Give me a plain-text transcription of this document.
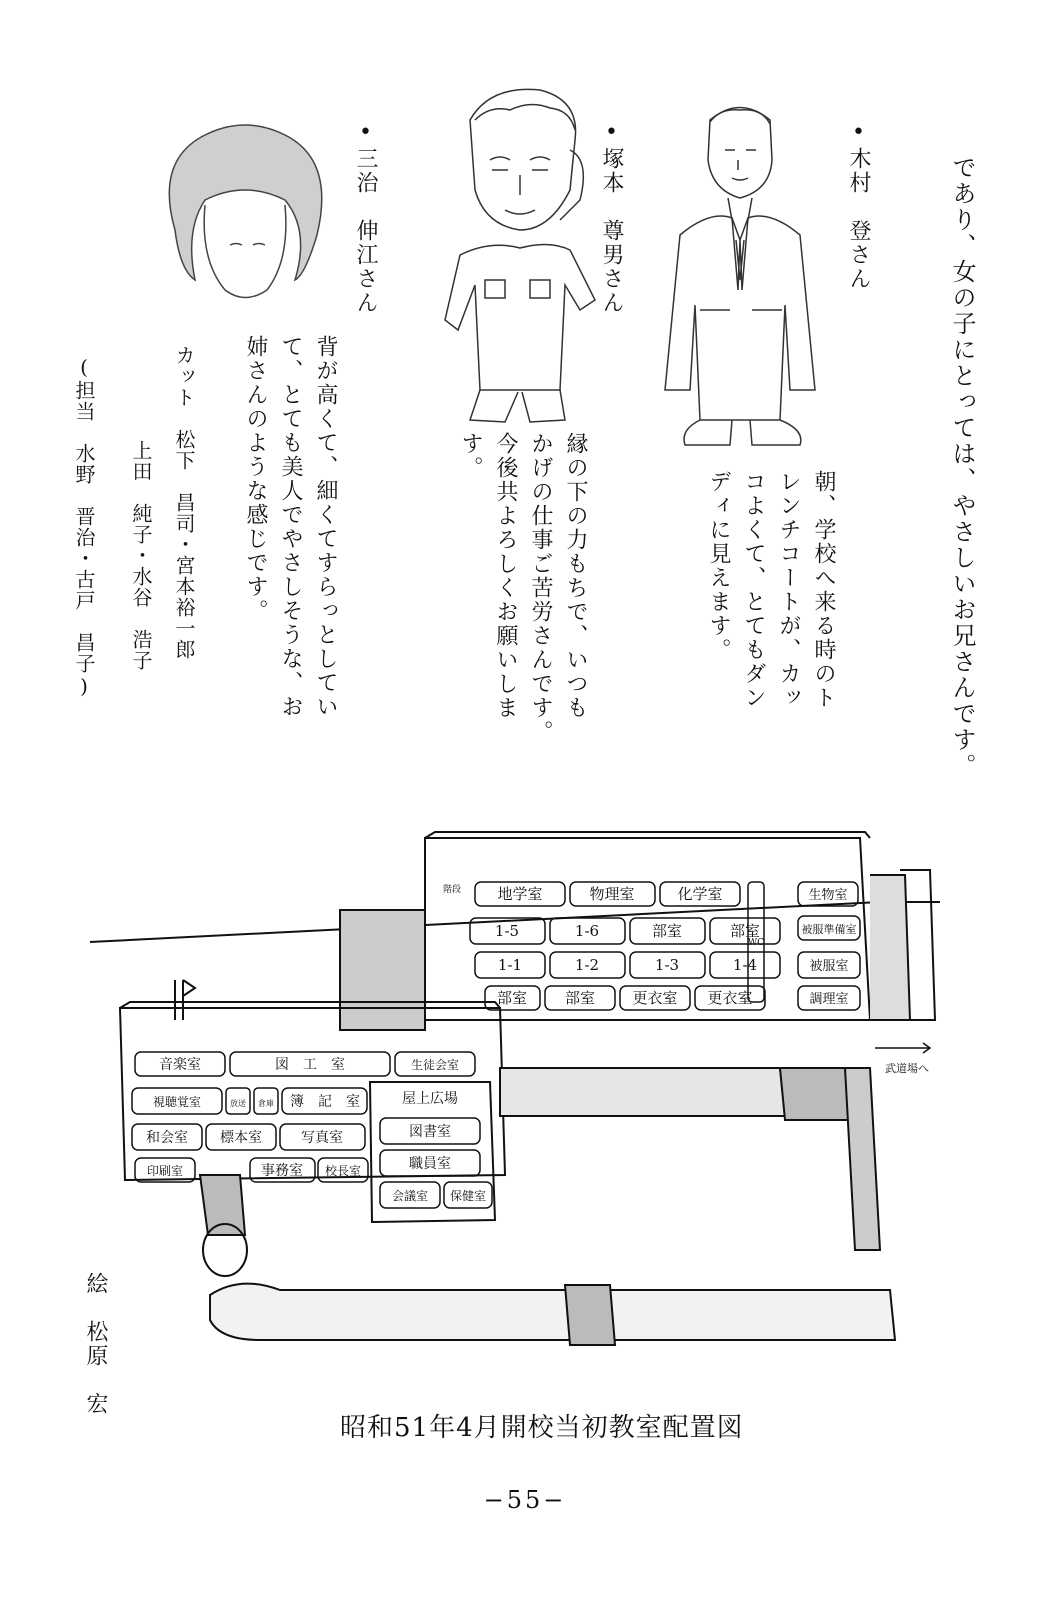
であり、女の子にとっては、やさしいお兄さんです。
•木村　登さん
朝、学校へ来る時のト
レンチコートが、カッ
コよくて、とてもダン
ディに見えます。
•塚本　尊男さん
縁の下の力もちで、いつも
かげの仕事ご苦労さんです。
今後共よろしくお願いしま
す。
•三治　伸江さん
背が高くて、細くてすらっとしてい
て、とても美人でやさしそうな、お
姉さんのような感じです。
カット　松下　昌司・宮本裕一郎
上田　純子・水谷　浩子
(担当　水野　晋治・古戸　昌子)
地学室	物理室	化学室
1-5	1-6	部室	部室
1-1	1-2	1-3	1-4
部室	部室 更衣室 更衣室
生物室
被服準備室
被服室
調理室
WC
階段
音楽室	図　工　室	生徒会室
視聴覚室	放送 倉庫 簿　記　室
和会室 標本室	写真室
印刷室	事務室 校長室
屋上広場
図書室
職員室
会議室 保健室
武道場へ
絵　松原　宏
昭和51年4月開校当初教室配置図
−55−
